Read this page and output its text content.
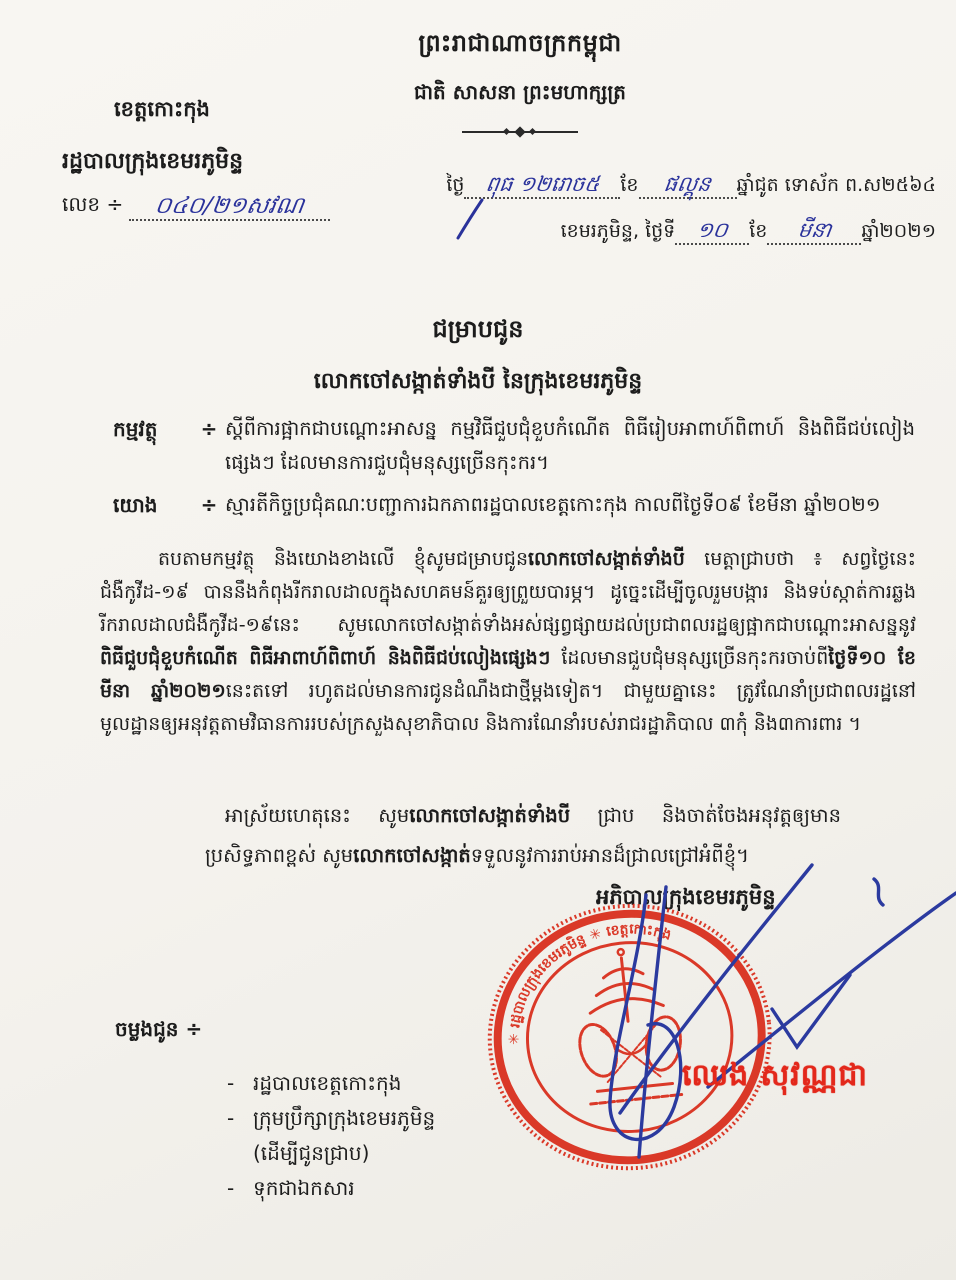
ព្រះរាជាណាចក្រកម្ពុជា
ជាតិ សាសនា ព្រះមហាក្សត្រ
ខេត្តកោះកុង
រដ្ឋបាលក្រុងខេមរភូមិន្ទ
លេខ ÷	០៤០/២១សវណ
ថ្ងៃ ពុធ ១២រោច៥ ខែ ផល្គុន ឆ្នាំជូត ទោស័ក ព.ស២៥៦៤
ខេមរភូមិន្ទ, ថ្ងៃទី ១០ ខែ មីនា ឆ្នាំ២០២១
ជម្រាបជូន
លោកចៅសង្កាត់ទាំងបី នៃក្រុងខេមរភូមិន្ទ
កម្មវត្ថុ	÷ ស្តីពីការផ្អាកជាបណ្ដោះអាសន្ន កម្មវិធីជួបជុំខួបកំណើត ពិធីរៀបអាពាហ៍ពិពាហ៍ និងពិធីជប់លៀងផ្សេងៗ ដែលមានការជួបជុំមនុស្សច្រើនកុះករ។
យោង	÷ ស្មារតីកិច្ចប្រជុំគណៈបញ្ជាការឯកភាពរដ្ឋបាលខេត្តកោះកុង កាលពីថ្ងៃទី០៩ ខែមីនា ឆ្នាំ២០២១
តបតាមកម្មវត្ថុ និងយោងខាងលើ ខ្ញុំសូមជម្រាបជូនលោកចៅសង្កាត់ទាំងបី មេត្តាជ្រាបថា ៖ សព្វថ្ងៃនេះជំងឺកូវីដ-១៩ បាននឹងកំពុងរីករាលដាលក្នុងសហគមន៍គួរឲ្យព្រួយបារម្ភ។ ដូច្នេះដើម្បីចូលរួមបង្ការ និងទប់ស្កាត់ការឆ្លងរីករាលដាលជំងឺកូវីដ-១៩នេះ សូមលោកចៅសង្កាត់ទាំងអស់ផ្សព្វផ្សាយដល់ប្រជាពលរដ្ឋឲ្យផ្អាកជាបណ្ដោះអាសន្ននូវពិធីជួបជុំខួបកំណើត ពិធីអាពាហ៍ពិពាហ៍ និងពិធីជប់លៀងផ្សេងៗ ដែលមានជួបជុំមនុស្សច្រើនកុះករចាប់ពីថ្ងៃទី១០ ខែមីនា ឆ្នាំ២០២១នេះតទៅ រហូតដល់មានការជូនដំណឹងជាថ្មីម្តងទៀត។ ជាមួយគ្នានេះ ត្រូវណែនាំប្រជាពលរដ្ឋនៅមូលដ្ឋានឲ្យអនុវត្តតាមវិធានការរបស់ក្រសួងសុខាភិបាល និងការណែនាំរបស់រាជរដ្ឋាភិបាល ៣កុំ និង៣ការពារ ។
អាស្រ័យហេតុនេះ សូមលោកចៅសង្កាត់ទាំងបី ជ្រាប និងចាត់ចែងអនុវត្តឲ្យមានប្រសិទ្ធភាពខ្ពស់ សូមលោកចៅសង្កាត់ទទួលនូវការរាប់អានដ៏ជ្រាលជ្រៅអំពីខ្ញុំ។
អភិបាលក្រុងខេមរភូមិន្ទ
✳ រដ្ឋបាលក្រុងខេមរភូមិន្ទ ✳ ខេត្តកោះកុង
ឈេង សុវណ្ណជា
ចម្លងជូន ÷
- រដ្ឋបាលខេត្តកោះកុង
- ក្រុមប្រឹក្សាក្រុងខេមរភូមិន្ទ
(ដើម្បីជូនជ្រាប)
- ទុកជាឯកសារ
